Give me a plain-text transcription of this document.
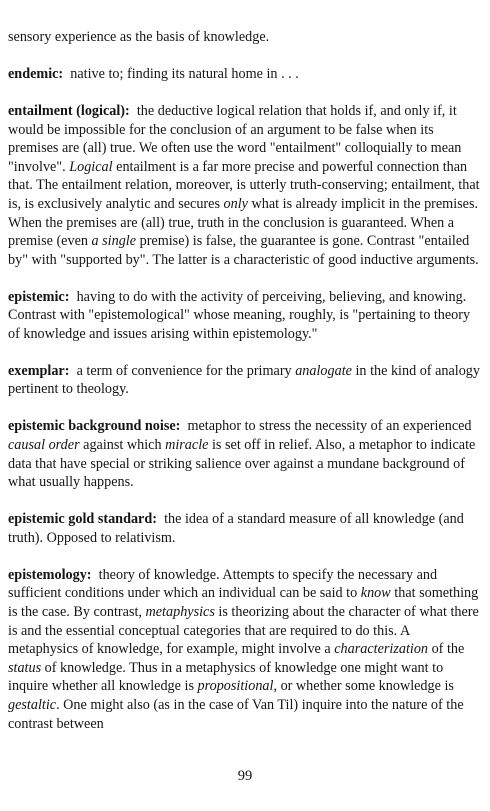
sensory experience as the basis of knowledge.

endemic: native to; finding its natural home in . . .

entailment (logical): the deductive logical relation that holds if, and only if, it would be impossible for the conclusion of an argument to be false when its premises are (all) true. We often use the word "entailment" colloquially to mean "involve". Logical entailment is a far more precise and powerful connection than that. The entailment relation, moreover, is utterly truth-conserving; entailment, that is, is exclusively analytic and secures only what is already implicit in the premises. When the premises are (all) true, truth in the conclusion is guaranteed. When a premise (even a single premise) is false, the guarantee is gone. Contrast "entailed by" with "supported by". The latter is a characteristic of good inductive arguments.

epistemic: having to do with the activity of perceiving, believing, and knowing. Contrast with "epistemological" whose meaning, roughly, is "pertaining to theory of knowledge and issues arising within epistemology."

exemplar: a term of convenience for the primary analogate in the kind of analogy pertinent to theology.

epistemic background noise: metaphor to stress the necessity of an experienced causal order against which miracle is set off in relief. Also, a metaphor to indicate data that have special or striking salience over against a mundane background of what usually happens.

epistemic gold standard: the idea of a standard measure of all knowledge (and truth). Opposed to relativism.

epistemology: theory of knowledge. Attempts to specify the necessary and sufficient conditions under which an individual can be said to know that something is the case. By contrast, metaphysics is theorizing about the character of what there is and the essential conceptual categories that are required to do this. A metaphysics of knowledge, for example, might involve a characterization of the status of knowledge. Thus in a metaphysics of knowledge one might want to inquire whether all knowledge is propositional, or whether some knowledge is gestaltic. One might also (as in the case of Van Til) inquire into the nature of the contrast between

99
